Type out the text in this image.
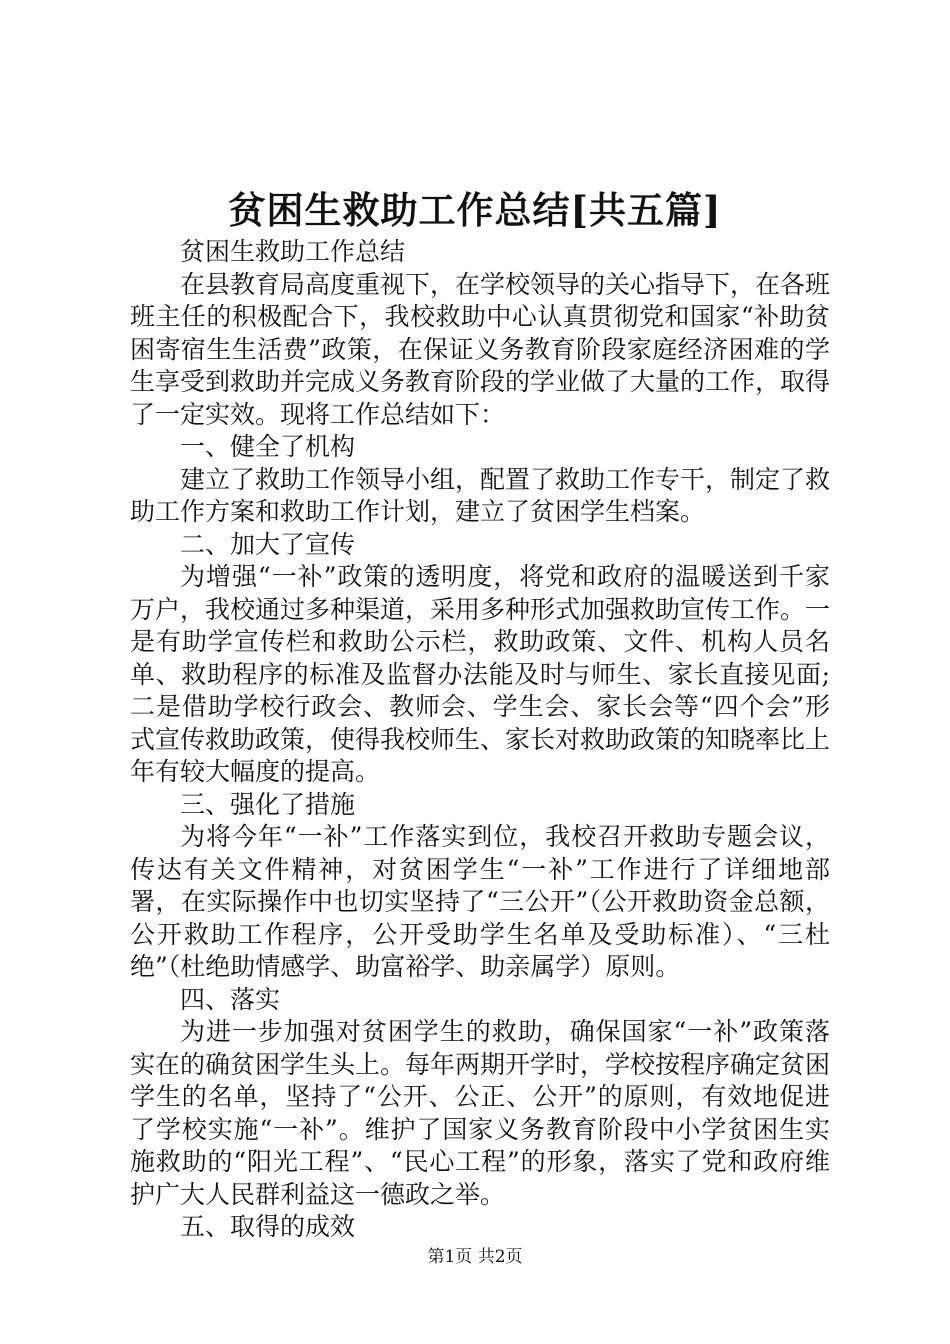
贫困生救助工作总结[共五篇]

贫困生救助工作总结

在县教育局高度重视下，在学校领导的关心指导下，在各班班主任的积极配合下，我校救助中心认真贯彻党和国家“补助贫困寄宿生生活费”政策，在保证义务教育阶段家庭经济困难的学生享受到救助并完成义务教育阶段的学业做了大量的工作，取得了一定实效。现将工作总结如下：

一、健全了机构

建立了救助工作领导小组，配置了救助工作专干，制定了救助工作方案和救助工作计划，建立了贫困学生档案。

二、加大了宣传

为增强“一补”政策的透明度，将党和政府的温暖送到千家万户，我校通过多种渠道，采用多种形式加强救助宣传工作。一是有助学宣传栏和救助公示栏，救助政策、文件、机构人员名单、救助程序的标准及监督办法能及时与师生、家长直接见面;二是借助学校行政会、教师会、学生会、家长会等“四个会”形式宣传救助政策，使得我校师生、家长对救助政策的知晓率比上年有较大幅度的提高。

三、强化了措施

为将今年“一补”工作落实到位，我校召开救助专题会议，传达有关文件精神，对贫困学生“一补”工作进行了详细地部署，在实际操作中也切实坚持了“三公开”（公开救助资金总额，公开救助工作程序，公开受助学生名单及受助标准）、“三杜绝”（杜绝助情感学、助富裕学、助亲属学）原则。

四、落实

为进一步加强对贫困学生的救助，确保国家“一补”政策落实在的确贫困学生头上。每年两期开学时，学校按程序确定贫困学生的名单，坚持了“公开、公正、公开”的原则，有效地促进了学校实施“一补”。维护了国家义务教育阶段中小学贫困生实施救助的“阳光工程”、“民心工程”的形象，落实了党和政府维护广大人民群利益这一德政之举。

五、取得的成效

第1页 共2页
